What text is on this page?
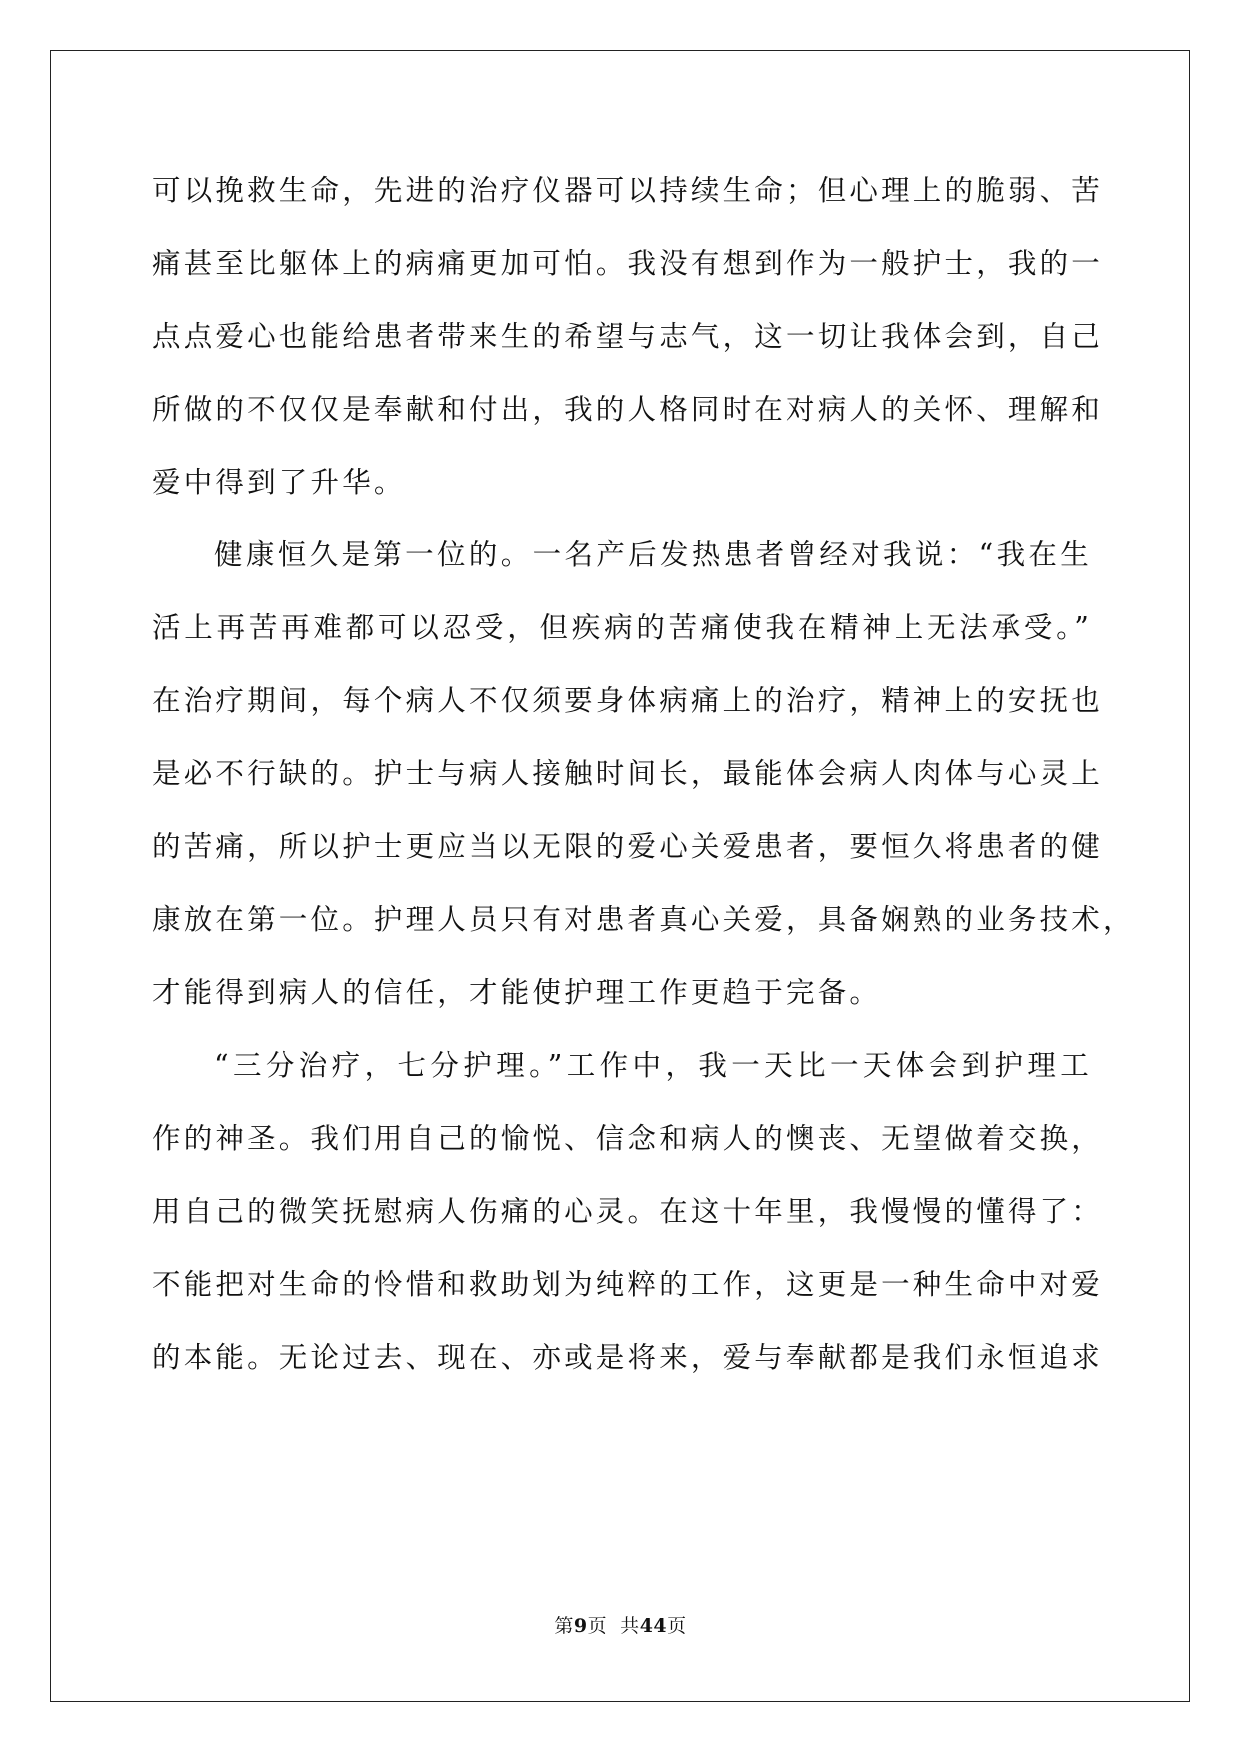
可以挽救生命，先进的治疗仪器可以持续生命；但心理上的脆弱、苦
痛甚至比躯体上的病痛更加可怕。我没有想到作为一般护士，我的一
点点爱心也能给患者带来生的希望与志气，这一切让我体会到，自己
所做的不仅仅是奉献和付出，我的人格同时在对病人的关怀、理解和
爱中得到了升华。
健康恒久是第一位的。一名产后发热患者曾经对我说：“我在生
活上再苦再难都可以忍受，但疾病的苦痛使我在精神上无法承受。”
在治疗期间，每个病人不仅须要身体病痛上的治疗，精神上的安抚也
是必不行缺的。护士与病人接触时间长，最能体会病人肉体与心灵上
的苦痛，所以护士更应当以无限的爱心关爱患者，要恒久将患者的健
康放在第一位。护理人员只有对患者真心关爱，具备娴熟的业务技术，
才能得到病人的信任，才能使护理工作更趋于完备。
“三分治疗，七分护理。”工作中，我一天比一天体会到护理工
作的神圣。我们用自己的愉悦、信念和病人的懊丧、无望做着交换，
用自己的微笑抚慰病人伤痛的心灵。在这十年里，我慢慢的懂得了：
不能把对生命的怜惜和救助划为纯粹的工作，这更是一种生命中对爱
的本能。无论过去、现在、亦或是将来，爱与奉献都是我们永恒追求
第9页  共44页
